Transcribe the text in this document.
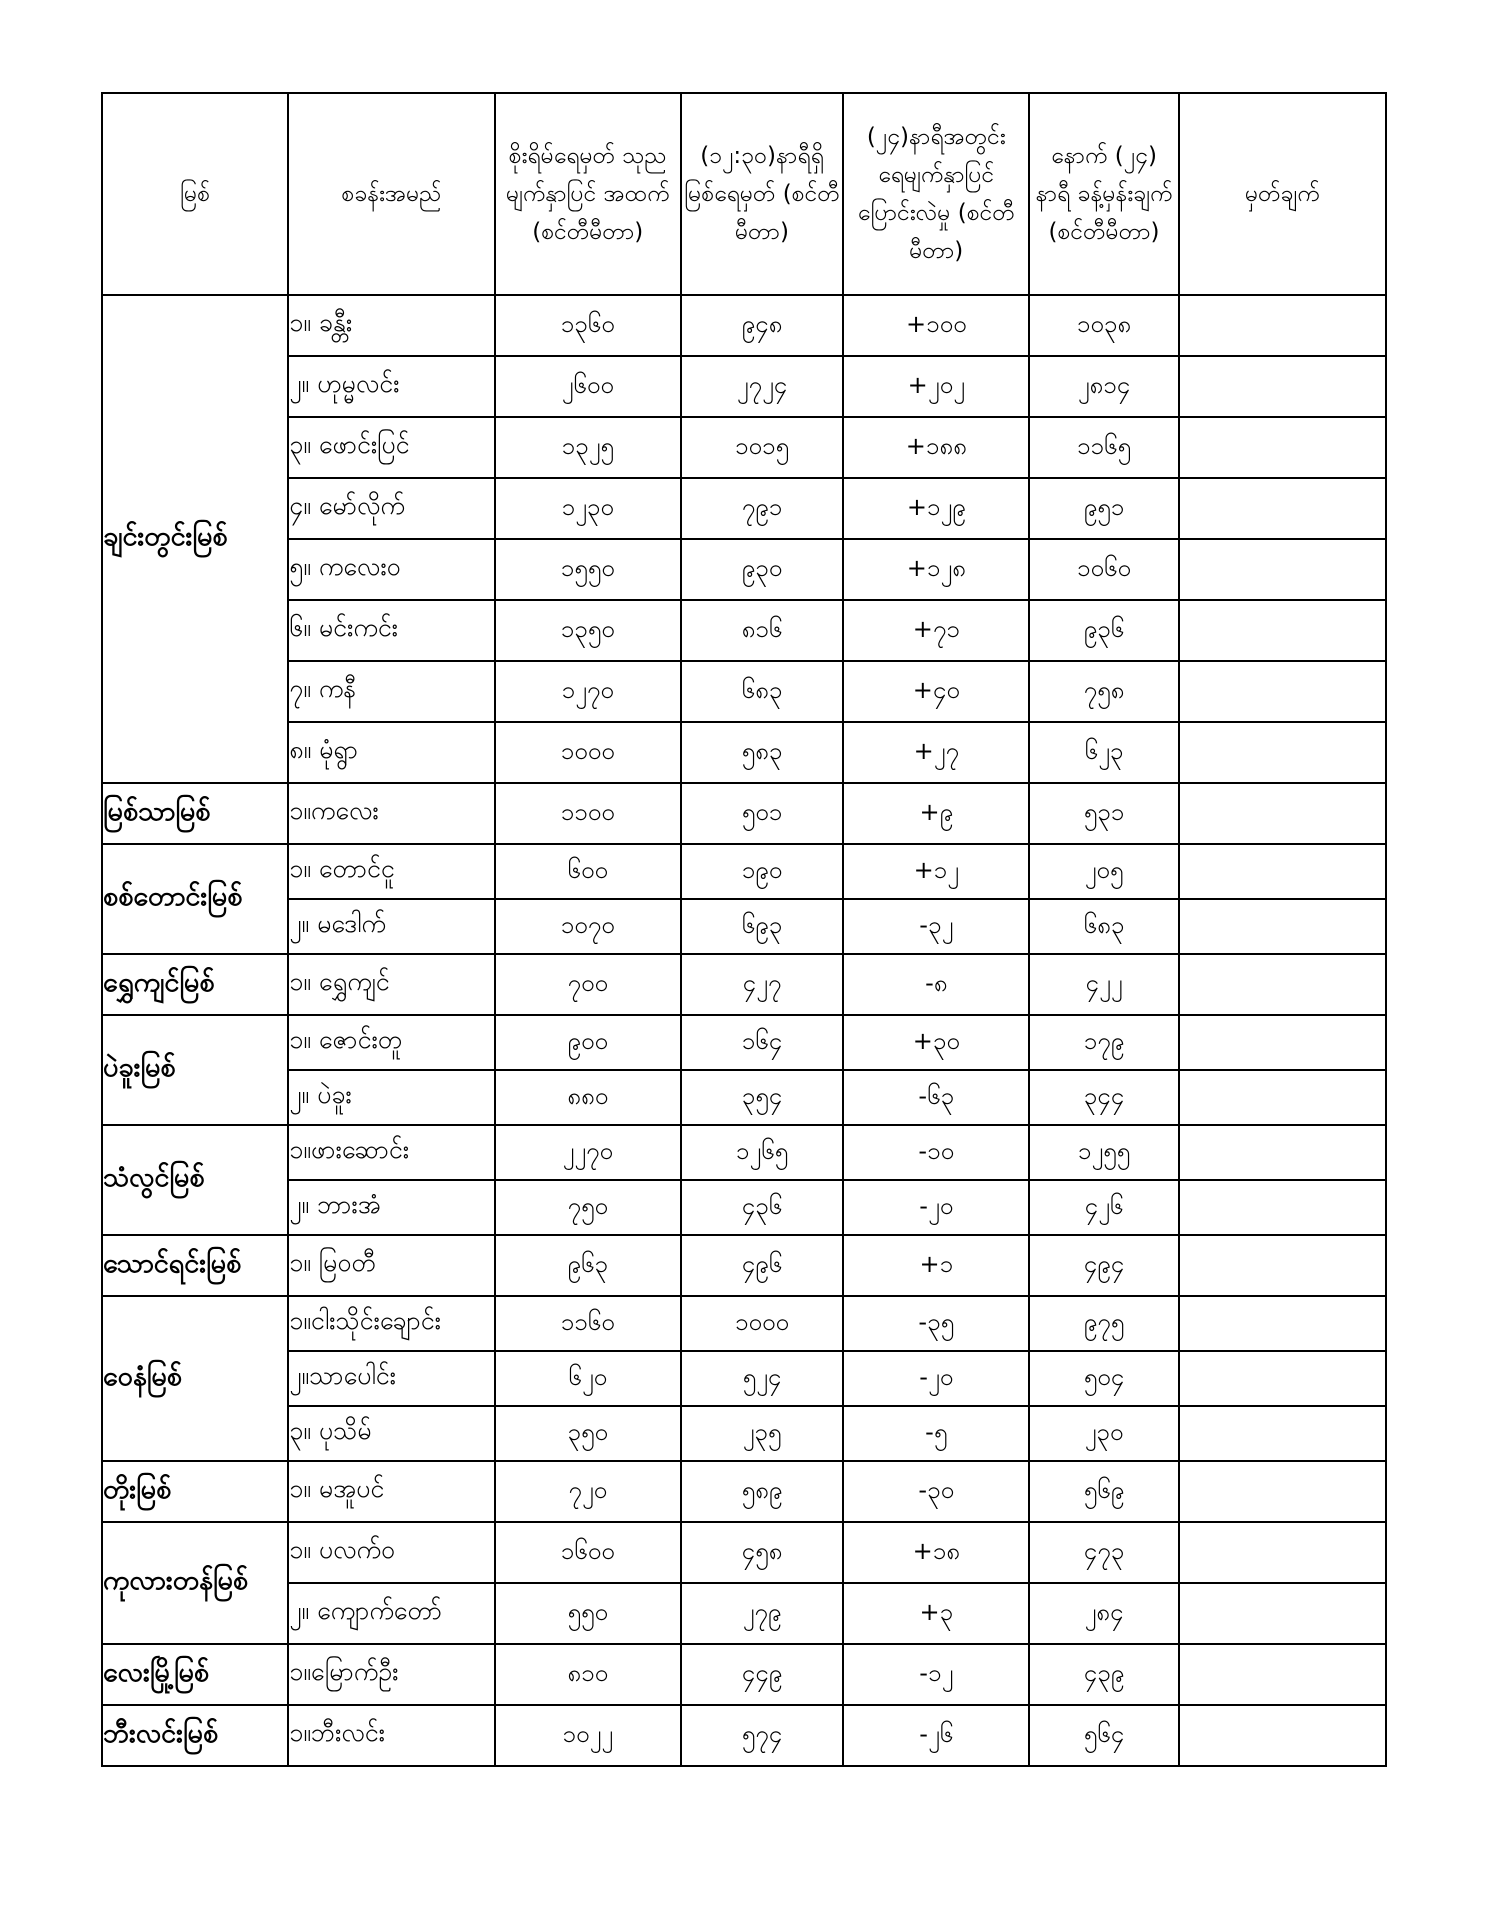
မြစ်	စခန်းအမည်	စိုးရိမ်ရေမှတ် သုညမျက်နှာပြင် အထက် (စင်တီမီတာ)	(၁၂:၃၀)နာရီရှိ မြစ်ရေမှတ် (စင်တီမီတာ)	(၂၄)နာရီအတွင်း ရေမျက်နှာပြင် ပြောင်းလဲမှု (စင်တီမီတာ)	နောက် (၂၄) နာရီ ခန့်မှန်းချက် (စင်တီမီတာ)	မှတ်ချက်
ချင်းတွင်းမြစ်	၁။ ခန္တီး	၁၃၆၀	၉၄၈	+၁၀၀	၁၀၃၈	
	၂။ ဟုမ္မလင်း	၂၆၀၀	၂၇၂၄	+၂၀၂	၂၈၁၄	
	၃။ ဖောင်းပြင်	၁၃၂၅	၁၀၁၅	+၁၈၈	၁၁၆၅	
	၄။ မော်လိုက်	၁၂၃၀	၇၉၁	+၁၂၉	၉၅၁	
	၅။ ကလေးဝ	၁၅၅၀	၉၃၀	+၁၂၈	၁၀၆၀	
	၆။ မင်းကင်း	၁၃၅၀	၈၁၆	+၇၁	၉၃၆	
	၇။ ကနီ	၁၂၇၀	၆၈၃	+၄၀	၇၅၈	
	၈။ မုံရွာ	၁၀၀၀	၅၈၃	+၂၇	၆၂၃	
မြစ်သာမြစ်	၁။ကလေး	၁၁၀၀	၅၀၁	+၉	၅၃၁	
စစ်တောင်းမြစ်	၁။ တောင်ငူ	၆၀၀	၁၉၀	+၁၂	၂၀၅	
	၂။ မဒေါက်	၁၀၇၀	၆၉၃	-၃၂	၆၈၃	
ရွှေကျင်မြစ်	၁။ ရွှေကျင်	၇၀၀	၄၂၇	-၈	၄၂၂	
ပဲခူးမြစ်	၁။ ဇောင်းတူ	၉၀၀	၁၆၄	+၃၀	၁၇၉	
	၂။ ပဲခူး	၈၈၀	၃၅၄	-၆၃	၃၄၄	
သံလွင်မြစ်	၁။ဖားဆောင်း	၂၂၇၀	၁၂၆၅	-၁၀	၁၂၅၅	
	၂။ ဘားအံ	၇၅၀	၄၃၆	-၂၀	၄၂၆	
သောင်ရင်းမြစ်	၁။ မြဝတီ	၉၆၃	၄၉၆	+၁	၄၉၄	
ဝေနံမြစ်	၁။ငါးသိုင်းချောင်း	၁၁၆၀	၁၀၀၀	-၃၅	၉၇၅	
	၂။သာပေါင်း	၆၂၀	၅၂၄	-၂၀	၅၀၄	
	၃။ ပုသိမ်	၃၅၀	၂၃၅	-၅	၂၃၀	
တိုးမြစ်	၁။ မအူပင်	၇၂၀	၅၈၉	-၃၀	၅၆၉	
ကုလားတန်မြစ်	၁။ ပလက်ဝ	၁၆၀၀	၄၅၈	+၁၈	၄၇၃	
	၂။ ကျောက်တော်	၅၅၀	၂၇၉	+၃	၂၈၄	
လေးမြို့မြစ်	၁။မြောက်ဦး	၈၁၀	၄၄၉	-၁၂	၄၃၉	
ဘီးလင်းမြစ်	၁။ဘီးလင်း	၁၀၂၂	၅၇၄	-၂၆	၅၆၄	
